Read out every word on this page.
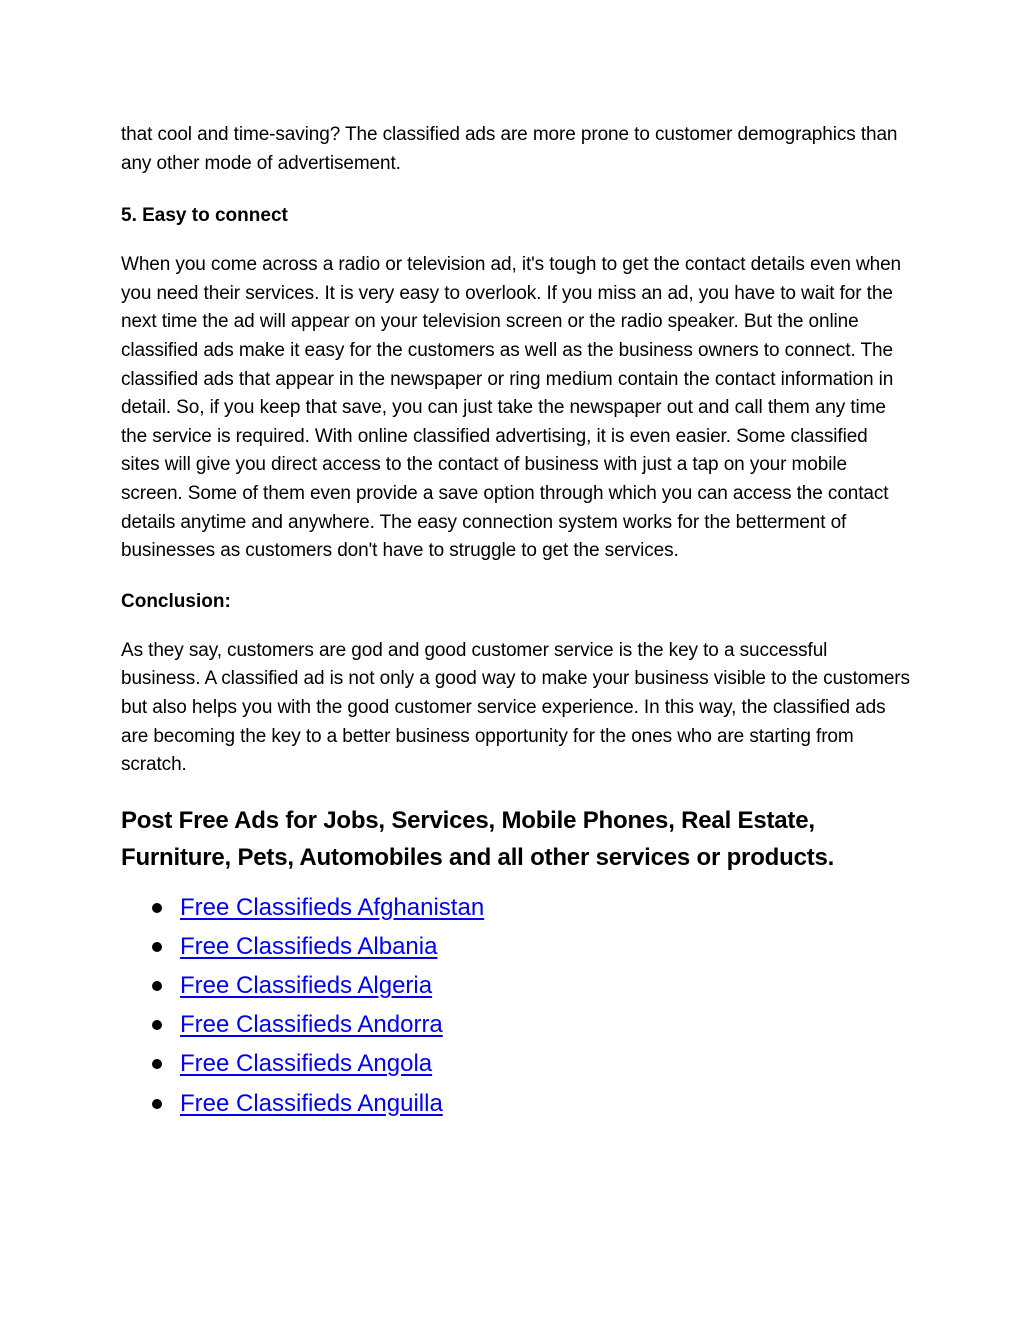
that cool and time-saving? The classified ads are more prone to customer demographics than any other mode of advertisement.

5. Easy to connect

When you come across a radio or television ad, it's tough to get the contact details even when you need their services. It is very easy to overlook. If you miss an ad, you have to wait for the next time the ad will appear on your television screen or the radio speaker. But the online classified ads make it easy for the customers as well as the business owners to connect. The classified ads that appear in the newspaper or ring medium contain the contact information in detail. So, if you keep that save, you can just take the newspaper out and call them any time the service is required. With online classified advertising, it is even easier. Some classified sites will give you direct access to the contact of business with just a tap on your mobile screen. Some of them even provide a save option through which you can access the contact details anytime and anywhere. The easy connection system works for the betterment of businesses as customers don't have to struggle to get the services.

Conclusion:

As they say, customers are god and good customer service is the key to a successful business. A classified ad is not only a good way to make your business visible to the customers but also helps you with the good customer service experience. In this way, the classified ads are becoming the key to a better business opportunity for the ones who are starting from scratch.

Post Free Ads for Jobs, Services, Mobile Phones, Real Estate, Furniture, Pets, Automobiles and all other services or products.
Free Classifieds Afghanistan
Free Classifieds Albania
Free Classifieds Algeria
Free Classifieds Andorra
Free Classifieds Angola
Free Classifieds Anguilla
